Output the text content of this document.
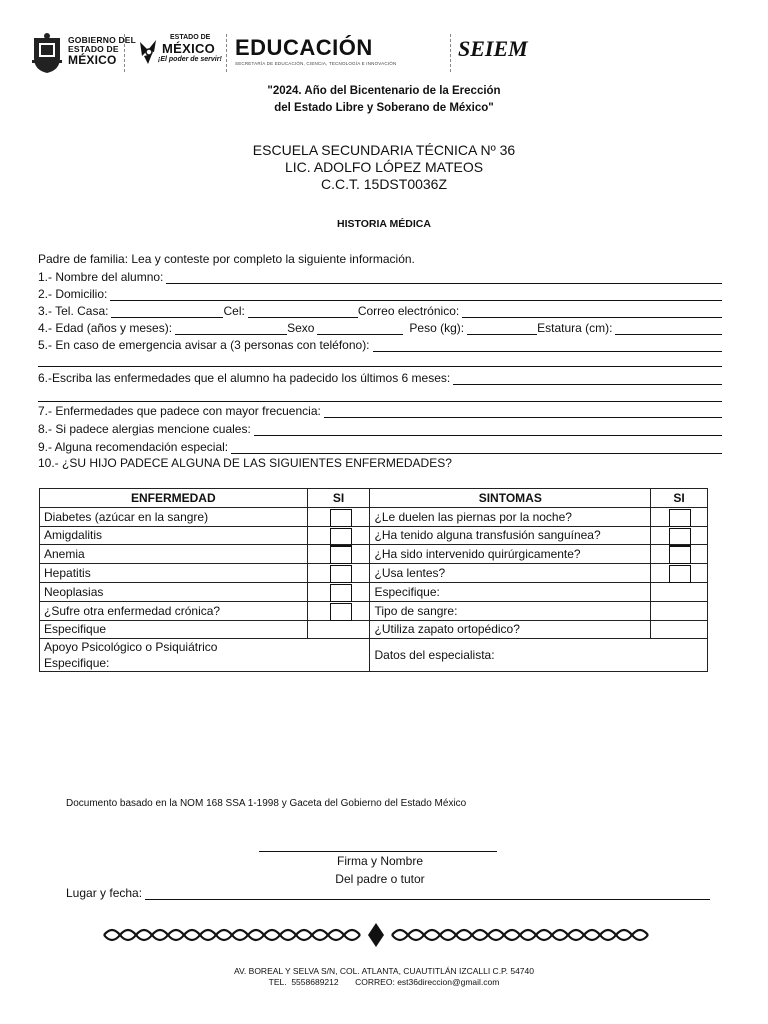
GOBIERNO DEL
ESTADO DE
MÉXICO
ESTADO DE
MÉXICO
¡El poder de servir! EDUCACIÓN
SECRETARÍA DE EDUCACIÓN, CIENCIA, TECNOLOGÍA E INNOVACIÓN
SEIEM
"2024. Año del Bicentenario de la Erección
del Estado Libre y Soberano de México"
ESCUELA SECUNDARIA TÉCNICA Nº 36
LIC. ADOLFO LÓPEZ MATEOS
C.C.T. 15DST0036Z
HISTORIA MÉDICA
Padre de familia: Lea y conteste por completo la siguiente información.
1.- Nombre del alumno:
2.- Domicilio:
3.- Tel. Casa:	Cel:	Correo electrónico:
4.- Edad (años y meses):	Sexo	Peso (kg):	Estatura (cm):
5.- En caso de emergencia avisar a (3 personas con teléfono):
6.-Escriba las enfermedades que el alumno ha padecido los últimos 6 meses:
7.- Enfermedades que padece con mayor frecuencia:
8.- Si padece alergias mencione cuales:
9.- Alguna recomendación especial:
10.- ¿SU HIJO PADECE ALGUNA DE LAS SIGUIENTES ENFERMEDADES?
ENFERMEDAD	SI	SINTOMAS	SI
Diabetes (azúcar en la sangre)		¿Le duelen las piernas por la noche?	

Amigdalitis		¿Ha tenido alguna transfusión sanguínea?	

Anemia		¿Ha sido intervenido quirúrgicamente?	

Hepatitis		¿Usa lentes?	

Neoplasias		Especifique:	
¿Sufre otra enfermedad crónica?		Tipo de sangre:	
Especifique		¿Utiliza zapato ortopédico?	

Apoyo Psicológico o Psiquiátrico
Especifique:		Datos del especialista:	
Documento basado en la NOM 168 SSA 1-1998 y Gaceta del Gobierno del Estado México
Firma y Nombre
Del padre o tutor
Lugar y fecha:
AV. BOREAL Y SELVA S/N, COL. ATLANTA, CUAUTITLÁN IZCALLI C.P. 54740
TEL. 5558689212 CORREO: est36direccion@gmail.com
